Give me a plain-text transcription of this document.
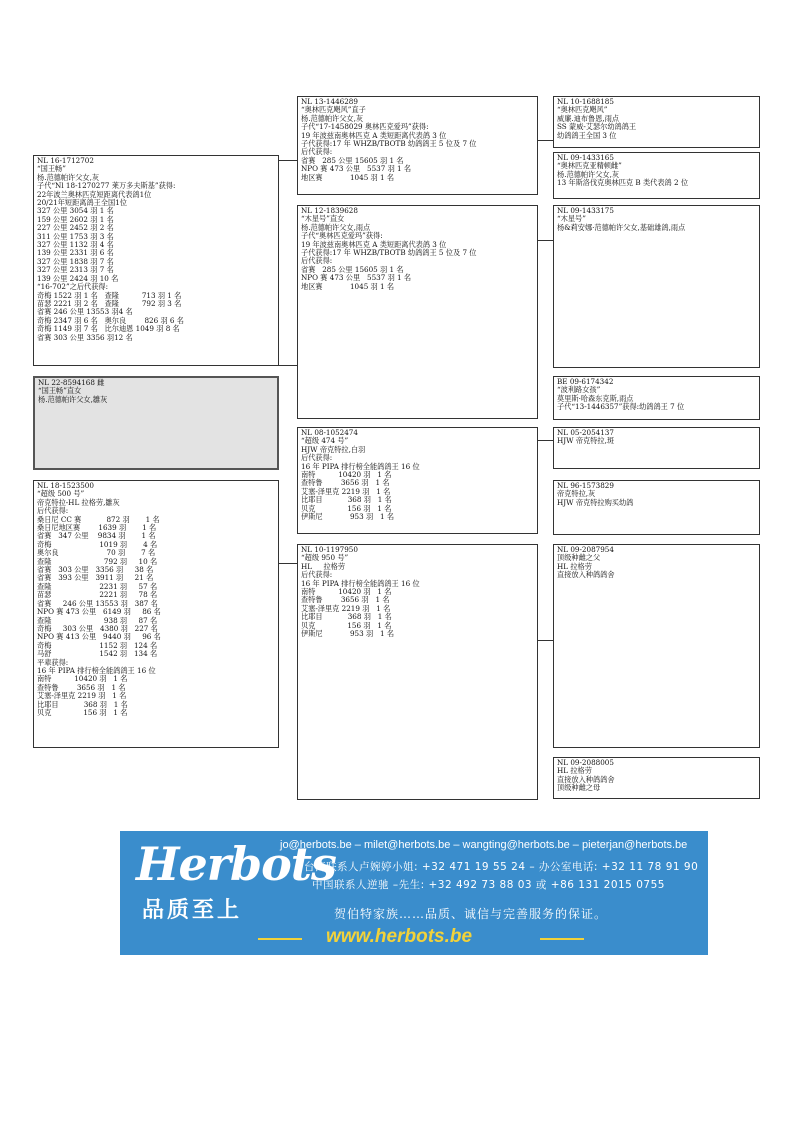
NL 16-1712702
“国王畅”
杨.范德帕许父女,灰
子代“Nl 18-1270277 莱万多夫斯基”获得:
22年波兰奥林匹克短距离代表鸽1位
20/21年短距离鸽王全国1位
327 公里 3054 羽 1 名
159 公里 2602 羽 1 名
227 公里 2452 羽 2 名
311 公里 1753 羽 3 名
327 公里 1132 羽 4 名
139 公里 2331 羽 6 名
327 公里 1838 羽 7 名
327 公里 2313 羽 7 名
139 公里 2424 羽 10 名
“16-702”之后代获得:
奇梅 1522 羽 1 名   查隆          713 羽 1 名
苗瑟 2221 羽 2 名   查隆          792 羽 3 名
省赛 246 公里 13553 羽4 名
奇梅 2347 羽 6 名   奥尔良        826 羽 6 名
奇梅 1149 羽 7 名   比尔迪恩 1049 羽 8 名
省赛 303 公里 3356 羽12 名
NL 22-8594168 雌
“国王畅”直女
杨.范德帕许父女,雛灰
NL 18-1523500
“超级 500 号”
帝克特拉-HL 拉格劳,雛灰
后代获得:
桑日尼 CC 赛           872 羽       1 名
桑日尼地区赛        1639 羽       1 名
省赛   347 公里    9834 羽       1 名
奇梅                     1019 羽       4 名
奥尔良                     70 羽       7 名
查隆                       792 羽     10 名
省赛   303 公里   3356 羽     38 名
省赛   393 公里   3911 羽     21 名
查隆                     2231 羽     57 名
苗瑟                     2221 羽     78 名
省赛     246 公里 13553 羽   387 名
NPO 赛 473 公里   6149 羽     86 名
查隆                       938 羽     87 名
奇梅     303 公里   4380 羽   227 名
NPO 赛 413 公里   9440 羽     96 名
奇梅                     1152 羽   124 名
马舒                     1542 羽   134 名
平辈获得:
16 年 PIPA 排行榜全能鸽鸽王 16 位
南特          10420 羽   1 名
查特鲁        3656 羽   1 名
艾塞-泽里克 2219 羽   1 名
比耶目           368 羽   1 名
贝克              156 羽   1 名
NL 13-1446289
“奥林匹克飓风”直子
杨.范德帕许父女,灰
子代“17-1458029 奥林匹克爱玛”获得:
19 年波兹南奥林匹克 A 类短距离代表鸽 3 位
子代获得:17 年 WHZB/TBOTB 幼鸽鸽王 5 位及 7 位
后代获得:
省赛   285 公里 15605 羽 1 名
NPO 赛 473 公里   5537 羽 1 名
地区赛            1045 羽 1 名
NL 12-1839628
“木星号”直女
杨.范德帕许父女,雨点
子代“奥林匹克爱玛”获得:
19 年波兹南奥林匹克 A 类短距离代表鸽 3 位
子代获得:17 年 WHZB/TBOTB 幼鸽鸽王 5 位及 7 位
后代获得:
省赛   285 公里 15605 羽 1 名
NPO 赛 473 公里   5537 羽 1 名
地区赛            1045 羽 1 名
NL 08-1052474
“超级 474 号”
HJW 帝克特拉,白羽
后代获得:
16 年 PIPA 排行榜全能鸽鸽王 16 位
南特          10420 羽   1 名
查特鲁        3656 羽   1 名
艾塞-泽里克 2219 羽   1 名
比耶目           368 羽   1 名
贝克              156 羽   1 名
伊斯尼            953 羽   1 名
NL 10-1197950
“超级 950 号”
HL     拉格劳
后代获得:
16 年 PIPA 排行榜全能鸽鸽王 16 位
南特          10420 羽   1 名
查特鲁        3656 羽   1 名
艾塞-泽里克 2219 羽   1 名
比耶目           368 羽   1 名
贝克              156 羽   1 名
伊斯尼            953 羽   1 名
NL 10-1688185
“奥林匹克飓风”
威廉.迪布鲁恩,雨点
SS 蒙威-艾瑟尔幼鸽鸽王
幼鸽鸽王全国 3 位
NL 09-1433165
“奥林匹克亚精顿雌”
杨.范德帕许父女,灰
13 年斯洛伐克奥林匹克 B 类代表鸽 2 位
NL 09-1433175
“木星号”
杨&莉安娜·范德帕许父女,基础雄鸽,雨点
BE 09-6174342
“波利路女孩”
莫里斯·哈森东克斯,雨点
子代“13-1446357”获得:幼鸽鸽王 7 位
NL 05-2054137
HJW 帝克特拉,斑
NL 96-1573829
帝克特拉,灰
HJW 帝克特拉购买幼鸽
NL 09-2087954
顶级种雌之父
HL 拉格劳
直接放入种鸽鸽舍
NL 09-2088005
HL 拉格劳
直接放入种鸽鸽舍
顶级种雌之母
Herbots
品质至上
jo@herbots.be – milet@herbots.be – wangting@herbots.be – pieterjan@herbots.be
台湾联系人卢婉婷小姐: +32 471 19 55 24 – 办公室电话: +32 11 78 91 90
中国联系人逆驰 –先生: +32 492 73 88 03 或 +86 131 2015 0755
贺伯特家族……品质、诚信与完善服务的保证。
www.herbots.be
